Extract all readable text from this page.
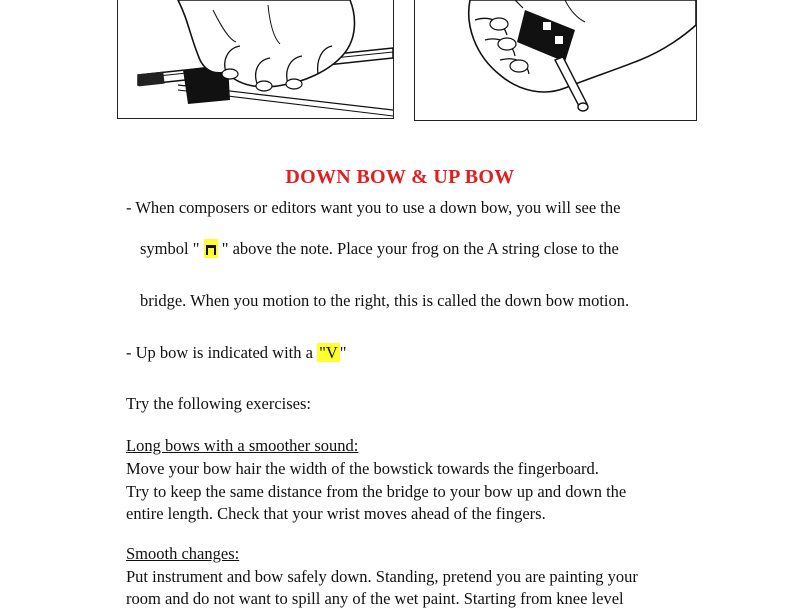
DOWN BOW & UP BOW
- When composers or editors want you to use a down bow, you will see the
symbol " " above the note. Place your frog on the A string close to the
bridge. When you motion to the right, this is called the down bow motion.
- Up bow is indicated with a "V "
Try the following exercises:
Long bows with a smoother sound:
Move your bow hair the width of the bowstick towards the fingerboard.
Try to keep the same distance from the bridge to your bow up and down the
entire length. Check that your wrist moves ahead of the fingers.
Smooth changes:
Put instrument and bow safely down. Standing, pretend you are painting your
room and do not want to spill any of the wet paint. Starting from knee level
